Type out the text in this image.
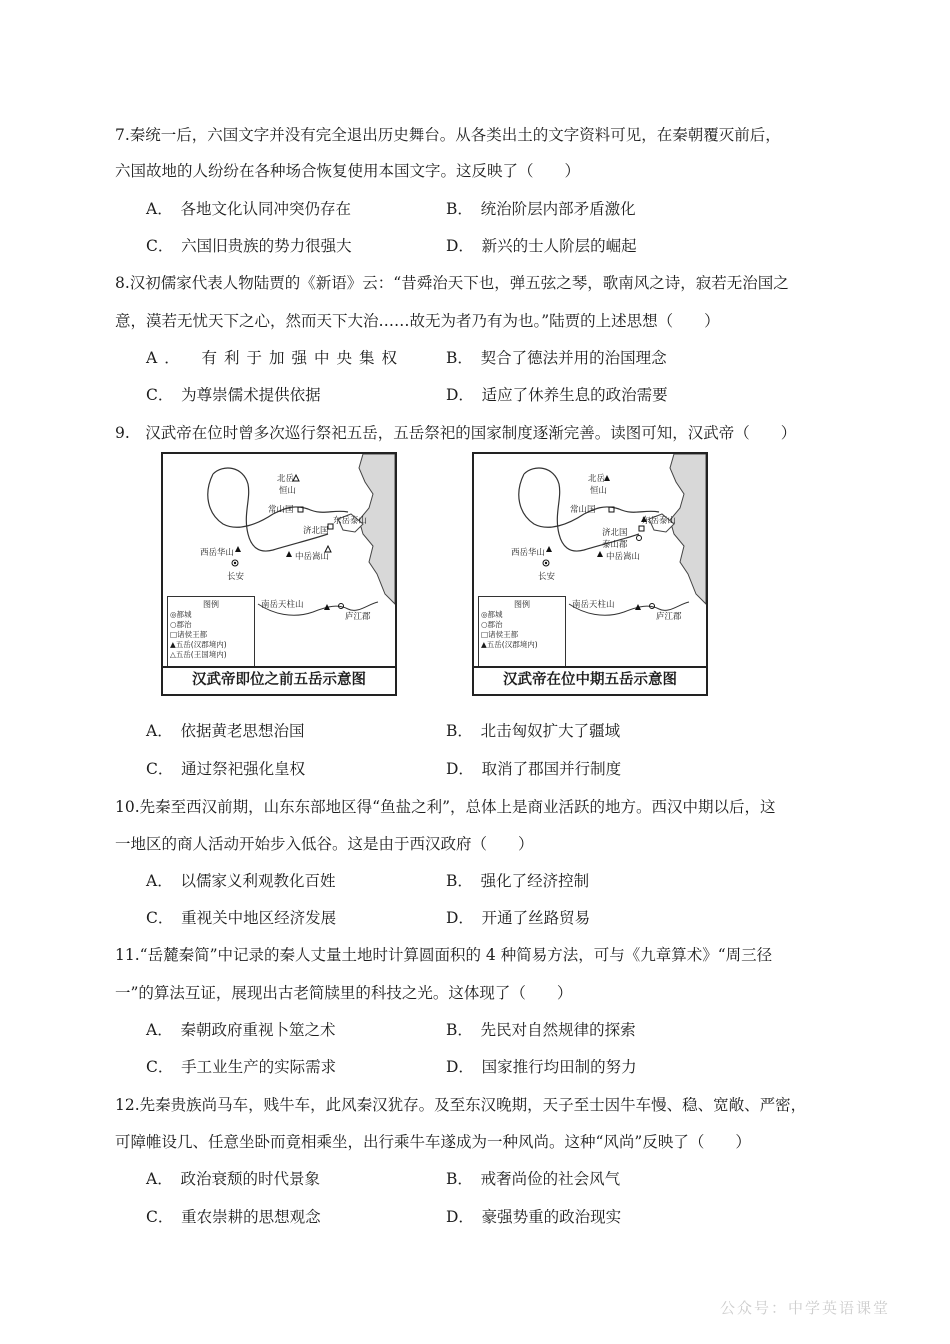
7.秦统一后，六国文字并没有完全退出历史舞台。从各类出土的文字资料可见，在秦朝覆灭前后，
六国故地的人纷纷在各种场合恢复使用本国文字。这反映了（　　）
A．　各地文化认同冲突仍存在	B．　统治阶层内部矛盾激化
C．　六国旧贵族的势力很强大	D．　新兴的士人阶层的崛起
8.汉初儒家代表人物陆贾的《新语》云：“昔舜治天下也，弹五弦之琴，歌南风之诗，寂若无治国之
意，漠若无忧天下之心，然而天下大治……故无为者乃有为也。”陆贾的上述思想（　　）
A．　有利于加强中央集权	B．　契合了德法并用的治国理念
C．　为尊崇儒术提供依据	D．　适应了休养生息的政治需要
9.　汉武帝在位时曾多次巡行祭祀五岳，五岳祭祀的国家制度逐渐完善。读图可知，汉武帝（　　）
北岳
恒山
常山国
济北国
东岳泰山
西岳华山	中岳嵩山
长安
南岳天柱山
庐江郡
图例
◎都城
○郡治
□诸侯王都
▲五岳(汉郡境内)
△五岳(王国境内)
汉武帝即位之前五岳示意图
北岳
恒山
常山国
济北国
东岳泰山
泰山郡
西岳华山	中岳嵩山
长安
南岳天柱山
庐江郡
图例
◎都城
○郡治
□诸侯王都
▲五岳(汉郡境内)
汉武帝在位中期五岳示意图
A．　依据黄老思想治国	B．　北击匈奴扩大了疆域
C．　通过祭祀强化皇权	D．　取消了郡国并行制度
10.先秦至西汉前期，山东东部地区得“鱼盐之利”，总体上是商业活跃的地方。西汉中期以后，这
一地区的商人活动开始步入低谷。这是由于西汉政府（　　）
A．　以儒家义利观教化百姓	B．　强化了经济控制
C．　重视关中地区经济发展	D．　开通了丝路贸易
11.“岳麓秦简”中记录的秦人丈量土地时计算圆面积的 4 种简易方法，可与《九章算术》“周三径
一”的算法互证，展现出古老简牍里的科技之光。这体现了（　　）
A．　秦朝政府重视卜筮之术	B．　先民对自然规律的探索
C．　手工业生产的实际需求	D．　国家推行均田制的努力
12.先秦贵族尚马车，贱牛车，此风秦汉犹存。及至东汉晚期，天子至士因牛车慢、稳、宽敞、严密，
可障帷设几、任意坐卧而竟相乘坐，出行乘牛车遂成为一种风尚。这种“风尚”反映了（　　）
A．　政治衰颓的时代景象	B．　戒奢尚俭的社会风气
C．　重农崇耕的思想观念	D．　豪强势重的政治现实
公众号：中学英语课堂
